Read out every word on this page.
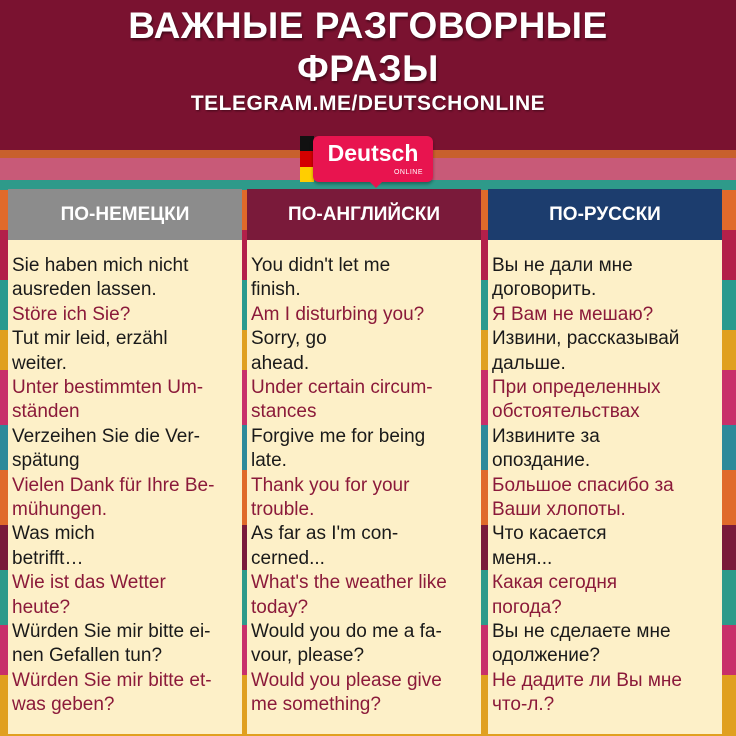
ВАЖНЫЕ РАЗГОВОРНЫЕ
ФРАЗЫ
TELEGRAM.ME/DEUTSCHONLINE
Deutsch
ONLINE
ПО-НЕМЕЦКИ
Sie haben mich nicht
ausreden lassen.
Störe ich Sie?
Tut mir leid, erzähl
weiter.
Unter bestimmten Um-
ständen
Verzeihen Sie die Ver-
spätung
Vielen Dank für Ihre Be-
mühungen.
Was mich
betrifft…
Wie ist das Wetter
heute?
Würden Sie mir bitte ei-
nen Gefallen tun?
Würden Sie mir bitte et-
was geben?
ПО-АНГЛИЙСКИ
You didn't let me
finish.
Am I disturbing you?
Sorry, go
ahead.
Under certain circum-
stances
Forgive me for being
late.
Thank you for your
trouble.
As far as I'm con-
cerned...
What's the weather like
today?
Would you do me a fa-
vour, please?
Would you please give
me something?
ПО-РУССКИ
Вы не дали мне
договорить.
Я Вам не мешаю?
Извини, рассказывай
дальше.
При определенных
обстоятельствах
Извините за
опоздание.
Большое спасибо за
Ваши хлопоты.
Что касается
меня...
Какая сегодня
погода?
Вы не сделаете мне
одолжение?
Не дадите ли Вы мне
что-л.?
